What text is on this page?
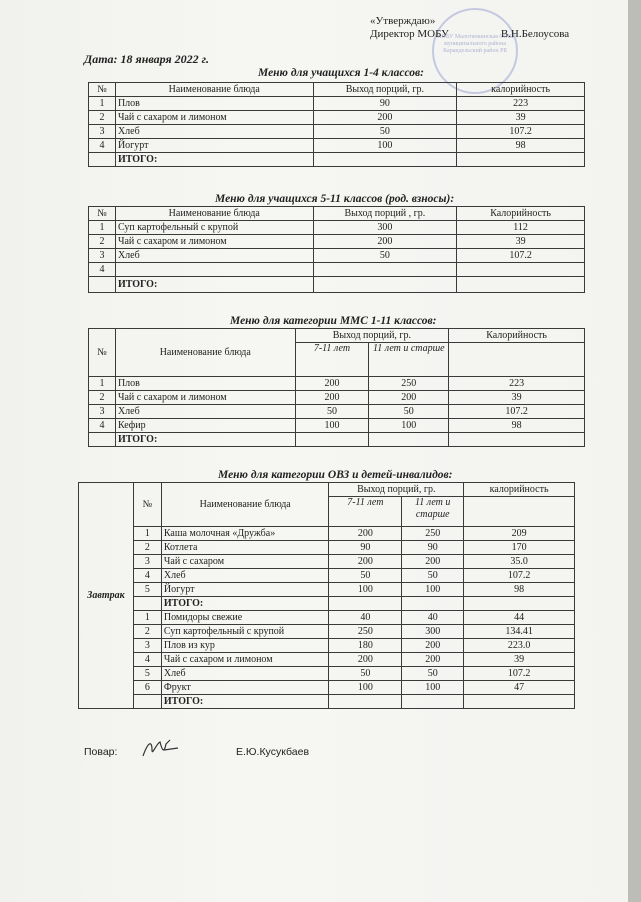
МОБУ Малотилкинская СОШ муниципального района Караидельский район РБ
«Утверждаю»
Директор МОБУ	В.Н.Белоусова
Дата: 18 января 2022 г.
Меню для учащихся 1-4 классов:
№	Наименование блюда	Выход порций, гр.	калорийность
1	Плов	90	223
2	Чай с сахаром и лимоном	200	39
3	Хлеб	50	107.2
4	Йогурт	100	98
	ИТОГО:		
Меню для учащихся 5-11 классов (род. взносы):
№	Наименование блюда	Выход порций , гр.	Калорийность
1	Суп картофельный с крупой	300	112
2	Чай с сахаром и лимоном	200	39
3	Хлеб	50	107.2
4			
	ИТОГО:		
Меню для категории ММС 1-11 классов:
№	Наименование блюда	Выход порций, гр.		Калорийность
		7-11 лет	11 лет и старше	
1	Плов	200	250	223
2	Чай с сахаром и лимоном	200	200	39
3	Хлеб	50	50	107.2
4	Кефир	100	100	98
	ИТОГО:			
Меню для категории ОВЗ и детей-инвалидов:
Завтрак	№	Наименование блюда	Выход порций, гр.		калорийность
			7-11 лет	11 лет и старше	
	1	Каша молочная «Дружба»	200	250	209
	2	Котлета	90	90	170
	3	Чай с сахаром	200	200	35.0
	4	Хлеб	50	50	107.2
	5	Йогурт	100	100	98
		ИТОГО:			
	1	Помидоры свежие	40	40	44
	2	Суп картофельный с крупой	250	300	134.41
	3	Плов из кур	180	200	223.0
	4	Чай с сахаром и лимоном	200	200	39
	5	Хлеб	50	50	107.2
	6	Фрукт	100	100	47
		ИТОГО:			
Повар:	Е.Ю.Кусукбаев
